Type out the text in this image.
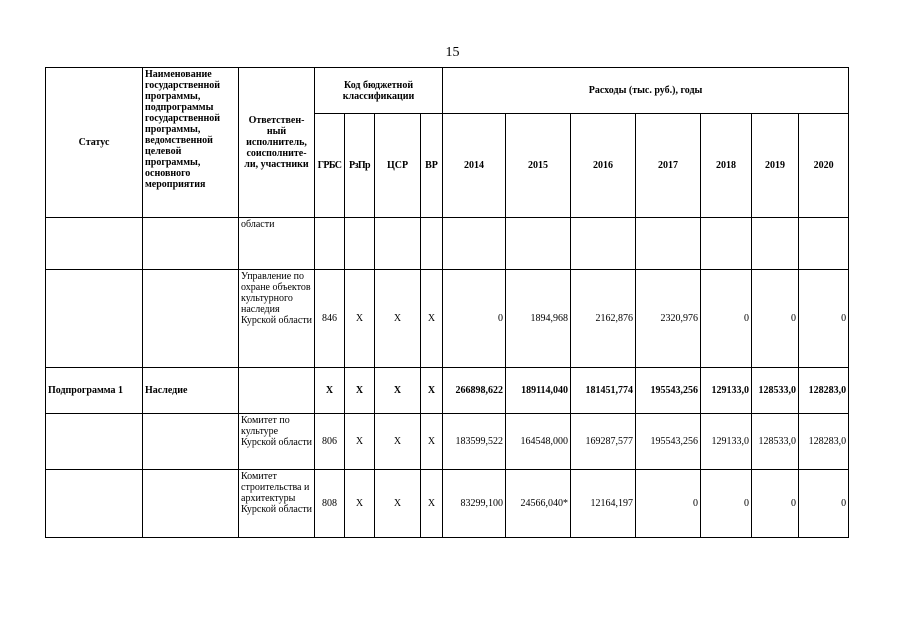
15
Статус	Наименование государственной программы, подпрограммы государственной программы, ведомственной целевой программы, основного мероприятия	Ответствен-ный исполнитель, соисполните-ли, участники	Код бюджетной классификации				Расходы (тыс. руб.), годы						
			ГРБС	РзПр	ЦСР	ВР	2014	2015	2016	2017	2018	2019	2020
		области											
		Управление по охране объектов культурного наследия Курской области	846	X	X	X	0	1894,968	2162,876	2320,976	0	0	0
Подпрограмма 1	Наследие		X	X	X	X	266898,622	189114,040	181451,774	195543,256	129133,0	128533,0	128283,0
		Комитет по культуре Курской области	806	X	X	X	183599,522	164548,000	169287,577	195543,256	129133,0	128533,0	128283,0
		Комитет строительства и архитектуры Курской области	808	X	X	X	83299,100	24566,040*	12164,197	0	0	0	0
